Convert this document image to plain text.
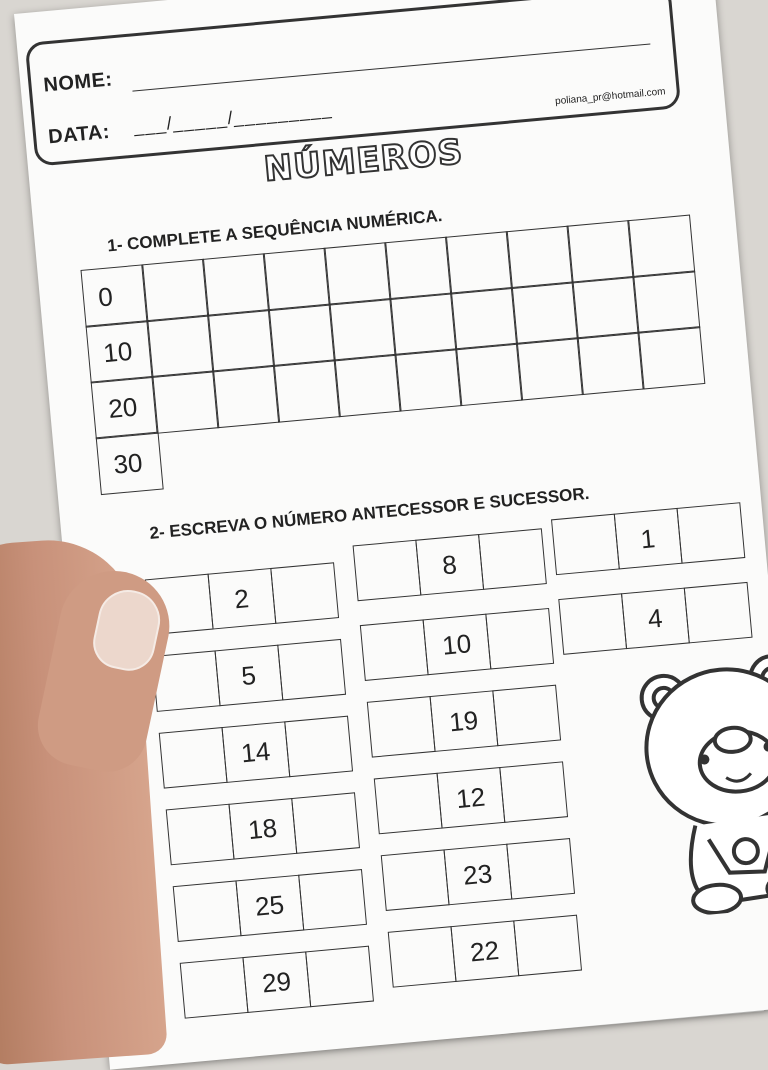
NOME:
DATA: ___/_____/_________
poliana_pr@hotmail.com
NÚMEROS
1- COMPLETE A SEQUÊNCIA NUMÉRICA.
0
10
20
30
2- ESCREVA O NÚMERO ANTECESSOR E SUCESSOR.
2
5
14
18
25
29
8
10
19
12
23
22
1
4
